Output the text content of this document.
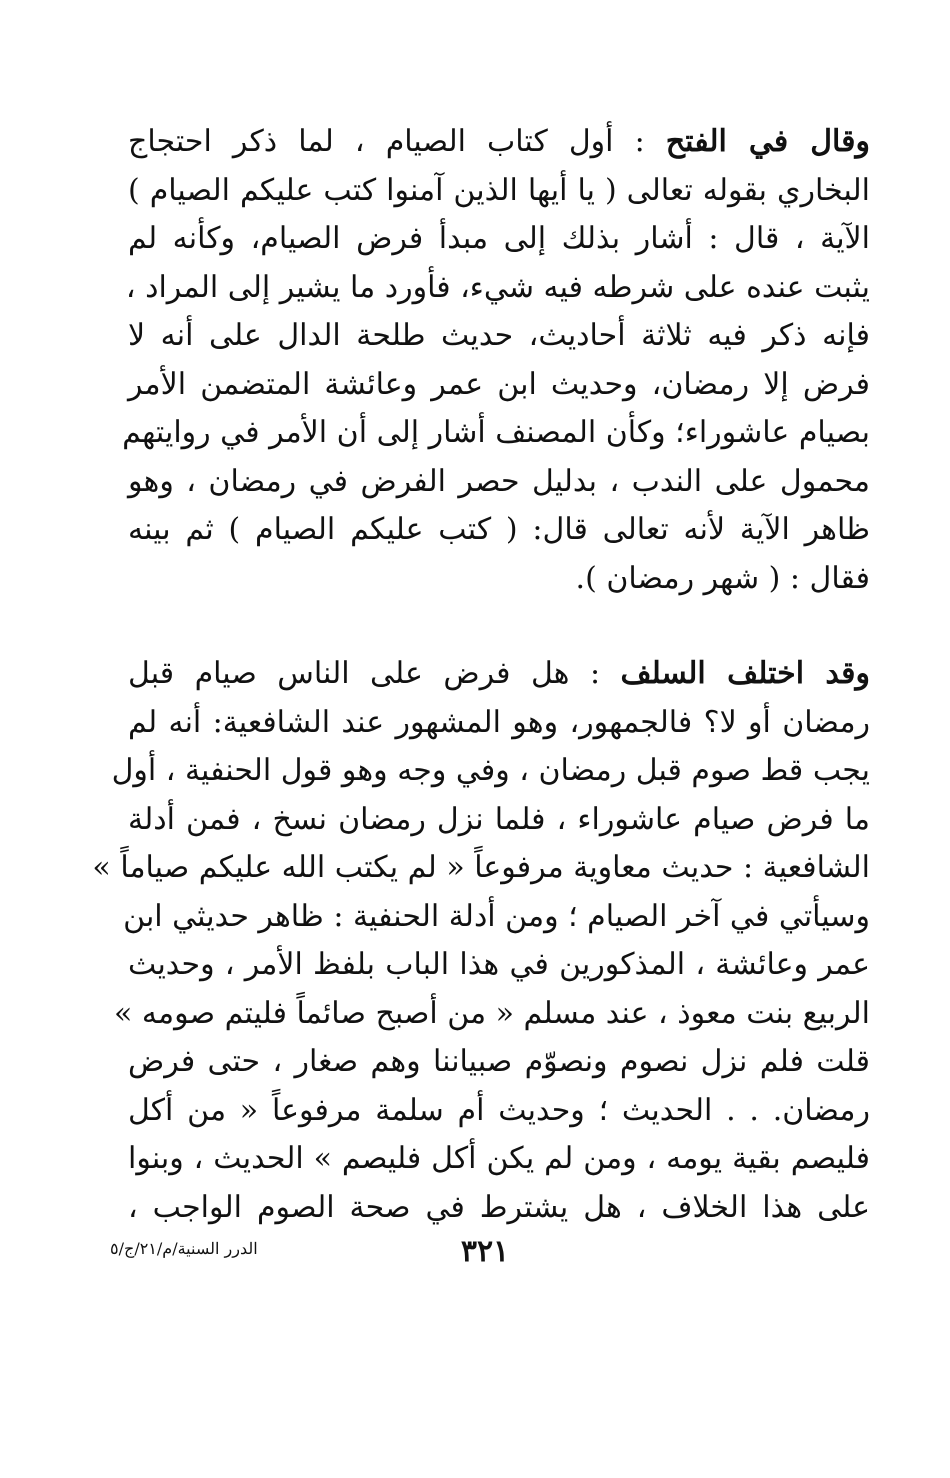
وقال في الفتح : أول كتاب الصيام ، لما ذكر احتجاج
البخاري بقوله تعالى ( يا أيها الذين آمنوا كتب عليكم الصيام )
الآية ، قال : أشار بذلك إلى مبدأ فرض الصيام، وكأنه لم
يثبت عنده على شرطه فيه شيء، فأورد ما يشير إلى المراد ،
فإنه ذكر فيه ثلاثة أحاديث، حديث طلحة الدال على أنه لا
فرض إلا رمضان، وحديث ابن عمر وعائشة المتضمن الأمر
بصيام عاشوراء؛ وكأن المصنف أشار إلى أن الأمر في روايتهم
محمول على الندب ، بدليل حصر الفرض في رمضان ، وهو
ظاهر الآية لأنه تعالى قال: ( كتب عليكم الصيام ) ثم بينه
فقال : ( شهر رمضان ).
وقد اختلف السلف : هل فرض على الناس صيام قبل
رمضان أو لا؟ فالجمهور، وهو المشهور عند الشافعية: أنه لم
يجب قط صوم قبل رمضان ، وفي وجه وهو قول الحنفية ، أول
ما فرض صيام عاشوراء ، فلما نزل رمضان نسخ ، فمن أدلة
الشافعية : حديث معاوية مرفوعاً « لم يكتب الله عليكم صياماً »
وسيأتي في آخر الصيام ؛ ومن أدلة الحنفية : ظاهر حديثي ابن
عمر وعائشة ، المذكورين في هذا الباب بلفظ الأمر ، وحديث
الربيع بنت معوذ ، عند مسلم « من أصبح صائماً فليتم صومه »
قلت فلم نزل نصوم ونصوّم صبياننا وهم صغار ، حتى فرض
رمضان. . . الحديث ؛ وحديث أم سلمة مرفوعاً « من أكل
فليصم بقية يومه ، ومن لم يكن أكل فليصم » الحديث ، وبنوا
على هذا الخلاف ، هل يشترط في صحة الصوم الواجب ،
٣٢١
الدرر السنية/م/٢١/ج/٥
